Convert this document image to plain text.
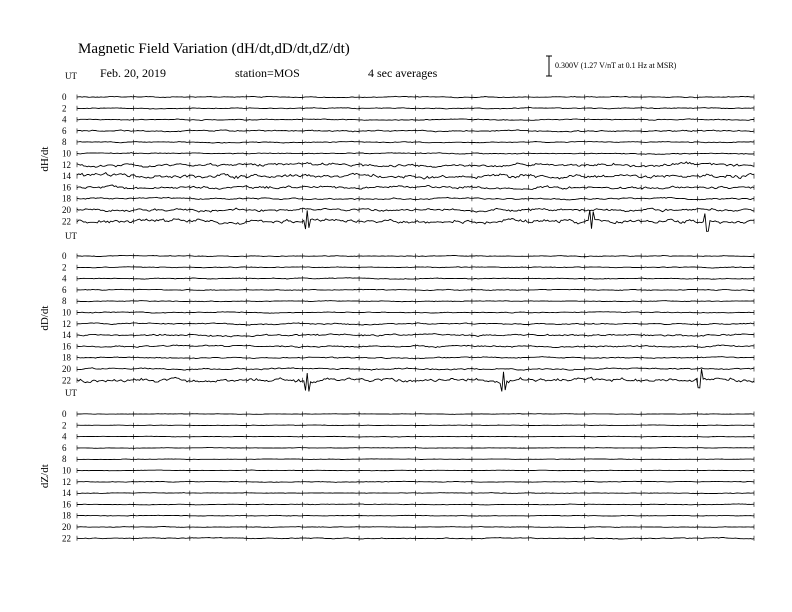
Magnetic Field Variation (dH/dt,dD/dt,dZ/dt)
Feb. 20, 2019	station=MOS	4 sec averages
0.300V (1.27 V/nT at 0.1 Hz at MSR)
UT
dH/dt
0
2
4
6
8
10
12
14
16
18
20
22
UT
dD/dt
0
2
4
6
8
10
12
14
16
18
20
22
UT
dZ/dt
0
2
4
6
8
10
12
14
16
18
20
22
